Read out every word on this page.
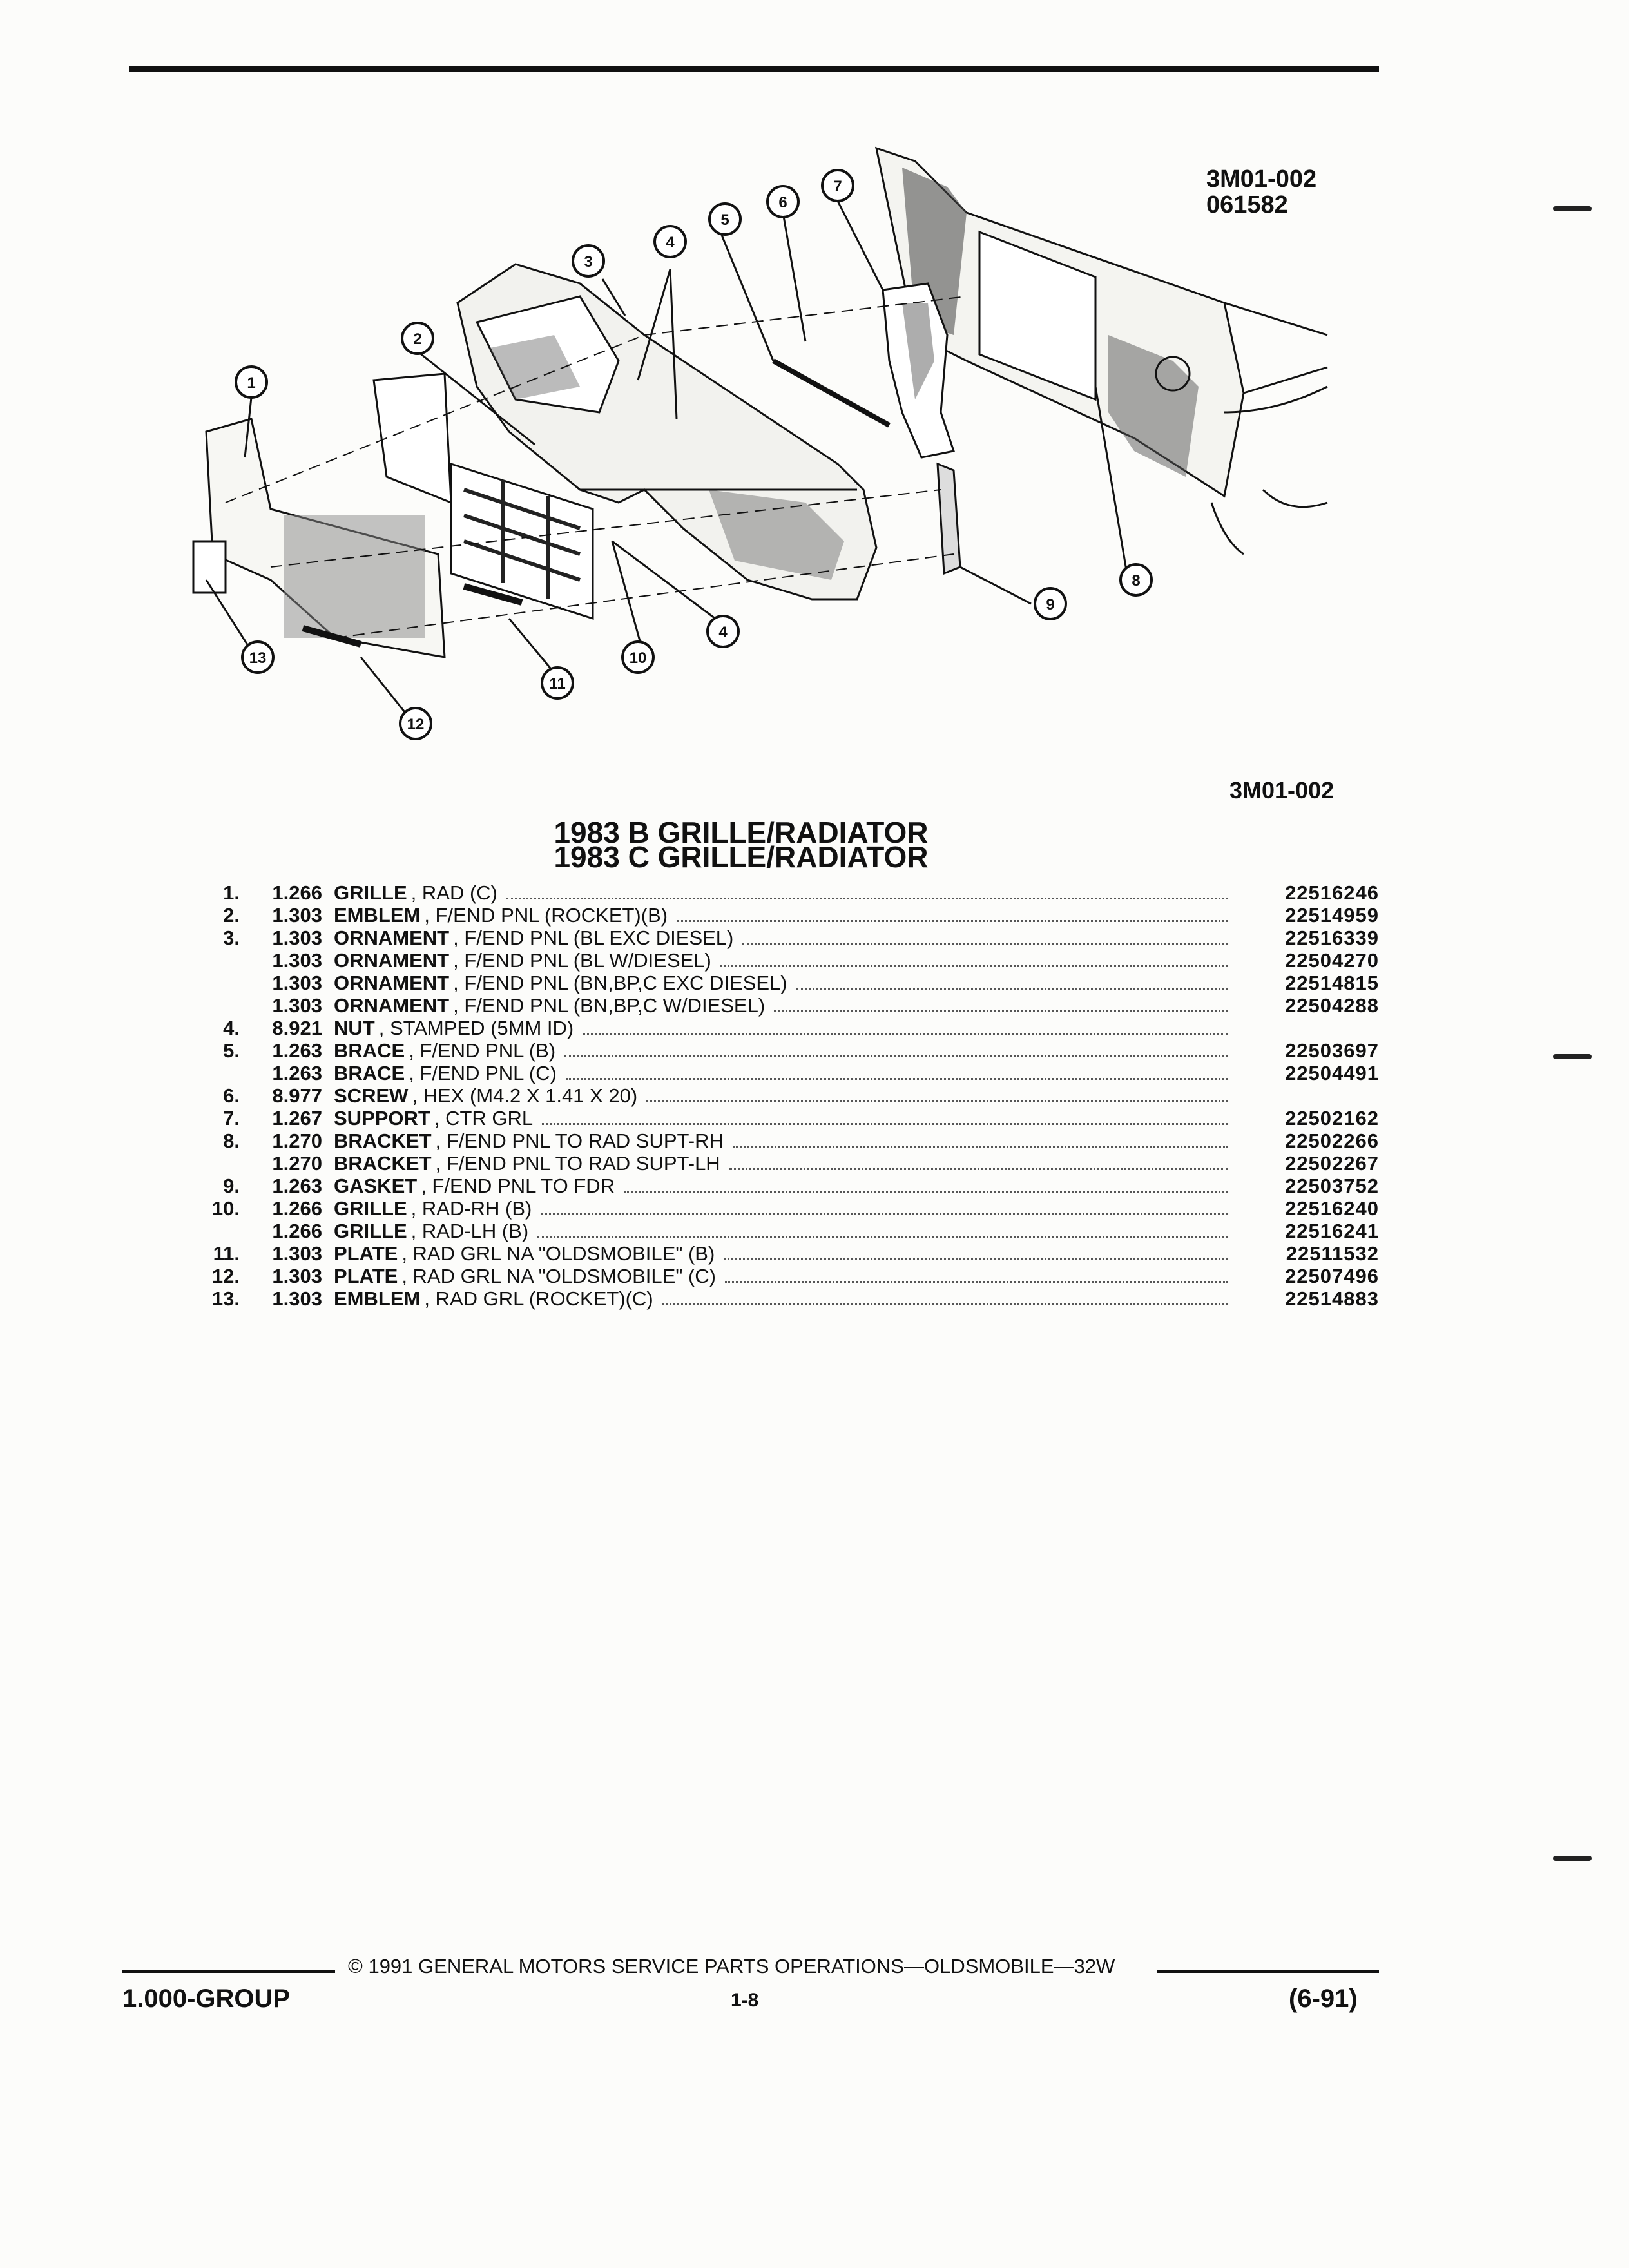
3M01-002
061582
1
2
3
4
4
5
6
7
8
9
10
11
12
13
3M01-002
1983 B GRILLE/RADIATOR
1983 C GRILLE/RADIATOR
1.	1.266 GRILLE , RAD (C)	22516246
2.	1.303 EMBLEM , F/END PNL (ROCKET)(B)	22514959
3.	1.303 ORNAMENT , F/END PNL (BL EXC DIESEL)	22516339
1.303 ORNAMENT , F/END PNL (BL W/DIESEL)	22504270
1.303 ORNAMENT , F/END PNL (BN,BP,C EXC DIESEL)	22514815
1.303 ORNAMENT , F/END PNL (BN,BP,C W/DIESEL)	22504288
4.	8.921 NUT , STAMPED (5MM ID)
5.	1.263 BRACE , F/END PNL (B)	22503697
1.263 BRACE , F/END PNL (C)	22504491
6.	8.977 SCREW , HEX (M4.2 X 1.41 X 20)
7.	1.267 SUPPORT , CTR GRL	22502162
8.	1.270 BRACKET , F/END PNL TO RAD SUPT-RH	22502266
1.270 BRACKET , F/END PNL TO RAD SUPT-LH	22502267
9.	1.263 GASKET , F/END PNL TO FDR	22503752
10.	1.266 GRILLE , RAD-RH (B)	22516240
1.266 GRILLE , RAD-LH (B)	22516241
11.	1.303 PLATE , RAD GRL NA "OLDSMOBILE" (B)	22511532
12.	1.303 PLATE , RAD GRL NA "OLDSMOBILE" (C)	22507496
13.	1.303 EMBLEM , RAD GRL (ROCKET)(C)	22514883
© 1991 GENERAL MOTORS SERVICE PARTS OPERATIONS—OLDSMOBILE—32W
1.000-GROUP	1-8	(6-91)
